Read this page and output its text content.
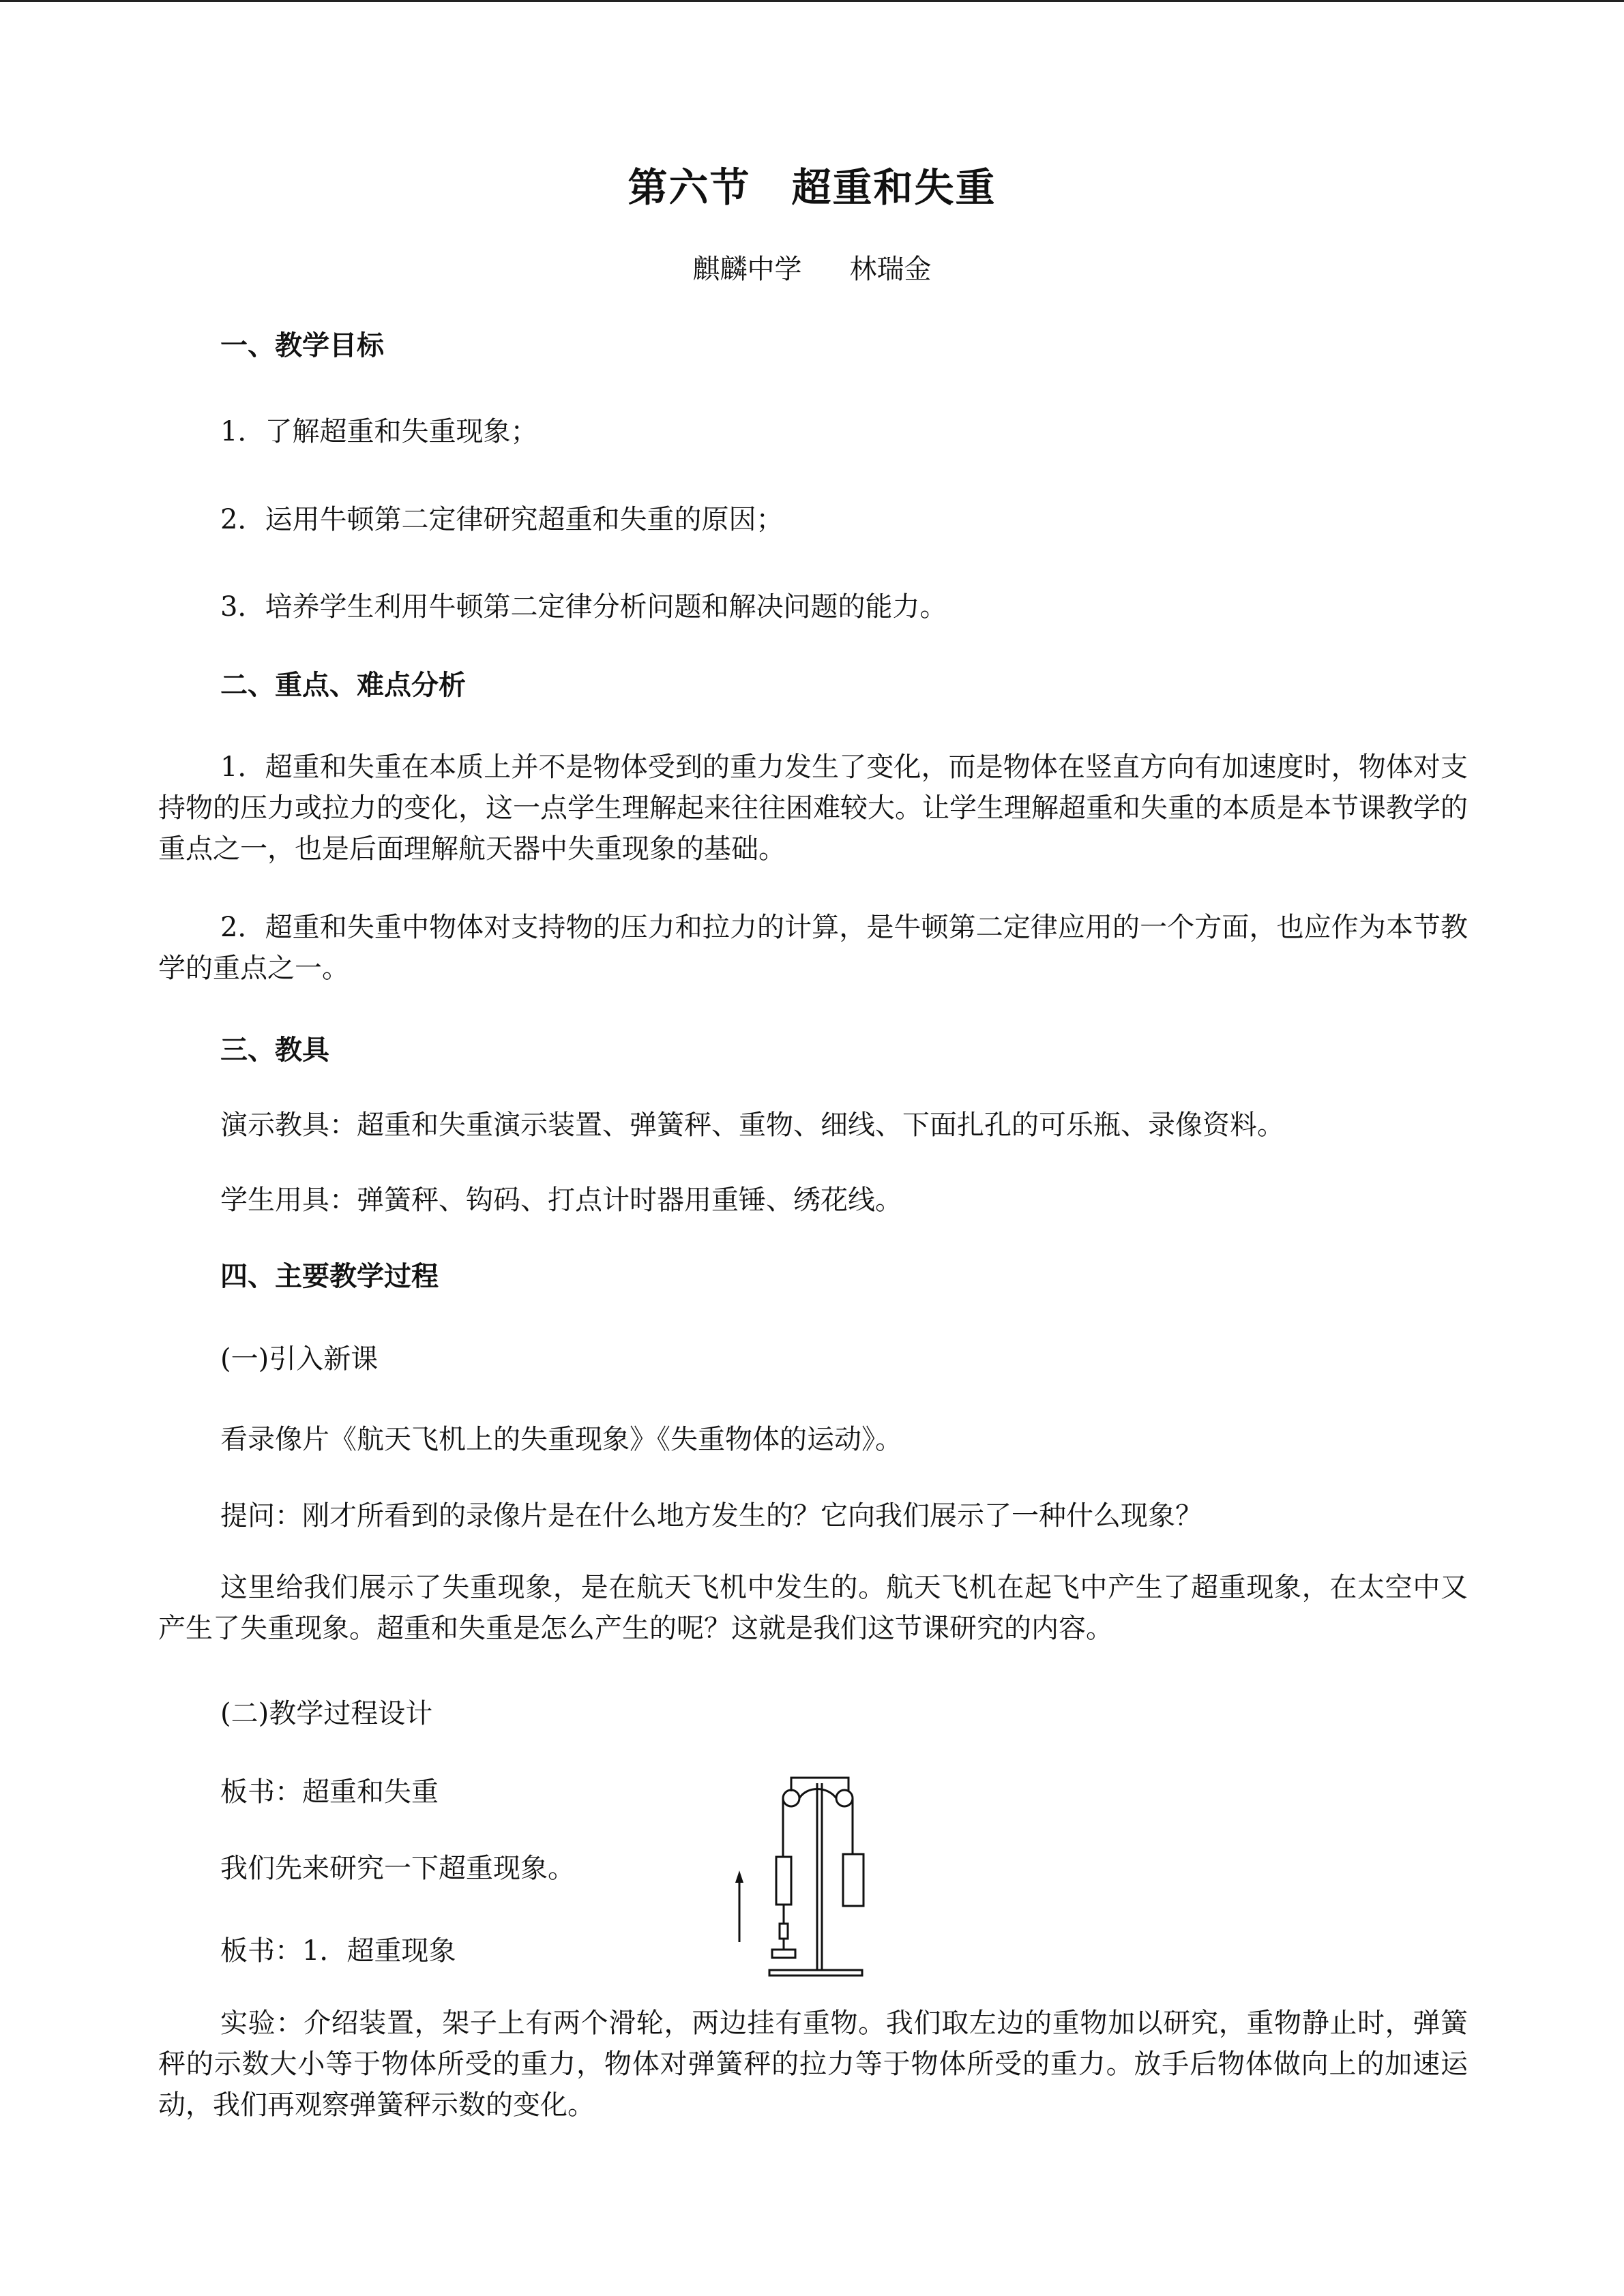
第六节　超重和失重
麒麟中学 林瑞金
一、教学目标
1．了解超重和失重现象；
2．运用牛顿第二定律研究超重和失重的原因；
3．培养学生利用牛顿第二定律分析问题和解决问题的能力。
二、重点、难点分析
1．超重和失重在本质上并不是物体受到的重力发生了变化，而是物体在竖直方向有加速度时，物体对支持物的压力或拉力的变化，这一点学生理解起来往往困难较大。让学生理解超重和失重的本质是本节课教学的重点之一，也是后面理解航天器中失重现象的基础。
2．超重和失重中物体对支持物的压力和拉力的计算，是牛顿第二定律应用的一个方面，也应作为本节教学的重点之一。
三、教具
演示教具：超重和失重演示装置、弹簧秤、重物、细线、下面扎孔的可乐瓶、录像资料。
学生用具：弹簧秤、钩码、打点计时器用重锤、绣花线。
四、主要教学过程
(一)引入新课
看录像片《航天飞机上的失重现象》《失重物体的运动》。
提问：刚才所看到的录像片是在什么地方发生的？它向我们展示了一种什么现象？
这里给我们展示了失重现象，是在航天飞机中发生的。航天飞机在起飞中产生了超重现象，在太空中又产生了失重现象。超重和失重是怎么产生的呢？这就是我们这节课研究的内容。
(二)教学过程设计
板书：超重和失重
我们先来研究一下超重现象。
板书：1．超重现象
实验：介绍装置，架子上有两个滑轮，两边挂有重物。我们取左边的重物加以研究，重物静止时，弹簧秤的示数大小等于物体所受的重力，物体对弹簧秤的拉力等于物体所受的重力。放手后物体做向上的加速运动，我们再观察弹簧秤示数的变化。
